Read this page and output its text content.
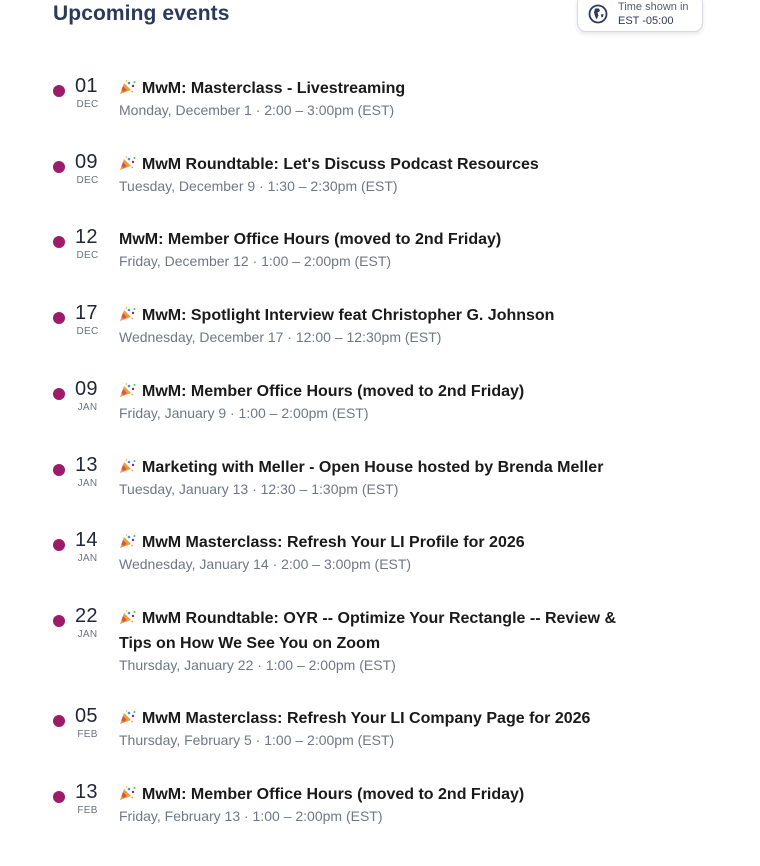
Upcoming events	Time shown in
EST -05:00
01
DEC
MwM: Masterclass - Livestreaming
Monday, December 1 · 2:00 – 3:00pm (EST)
09
DEC
MwM Roundtable: Let's Discuss Podcast Resources
Tuesday, December 9 · 1:30 – 2:30pm (EST)
12
DEC
MwM: Member Office Hours (moved to 2nd Friday)
Friday, December 12 · 1:00 – 2:00pm (EST)
17
DEC
MwM: Spotlight Interview feat Christopher G. Johnson
Wednesday, December 17 · 12:00 – 12:30pm (EST)
09
JAN
MwM: Member Office Hours (moved to 2nd Friday)
Friday, January 9 · 1:00 – 2:00pm (EST)
13
JAN
Marketing with Meller - Open House hosted by Brenda Meller
Tuesday, January 13 · 12:30 – 1:30pm (EST)
14
JAN
MwM Masterclass: Refresh Your LI Profile for 2026
Wednesday, January 14 · 2:00 – 3:00pm (EST)
22
JAN
MwM Roundtable: OYR -- Optimize Your Rectangle -- Review & Tips on How We See You on Zoom
Thursday, January 22 · 1:00 – 2:00pm (EST)
05
FEB
MwM Masterclass: Refresh Your LI Company Page for 2026
Thursday, February 5 · 1:00 – 2:00pm (EST)
13
FEB
MwM: Member Office Hours (moved to 2nd Friday)
Friday, February 13 · 1:00 – 2:00pm (EST)
